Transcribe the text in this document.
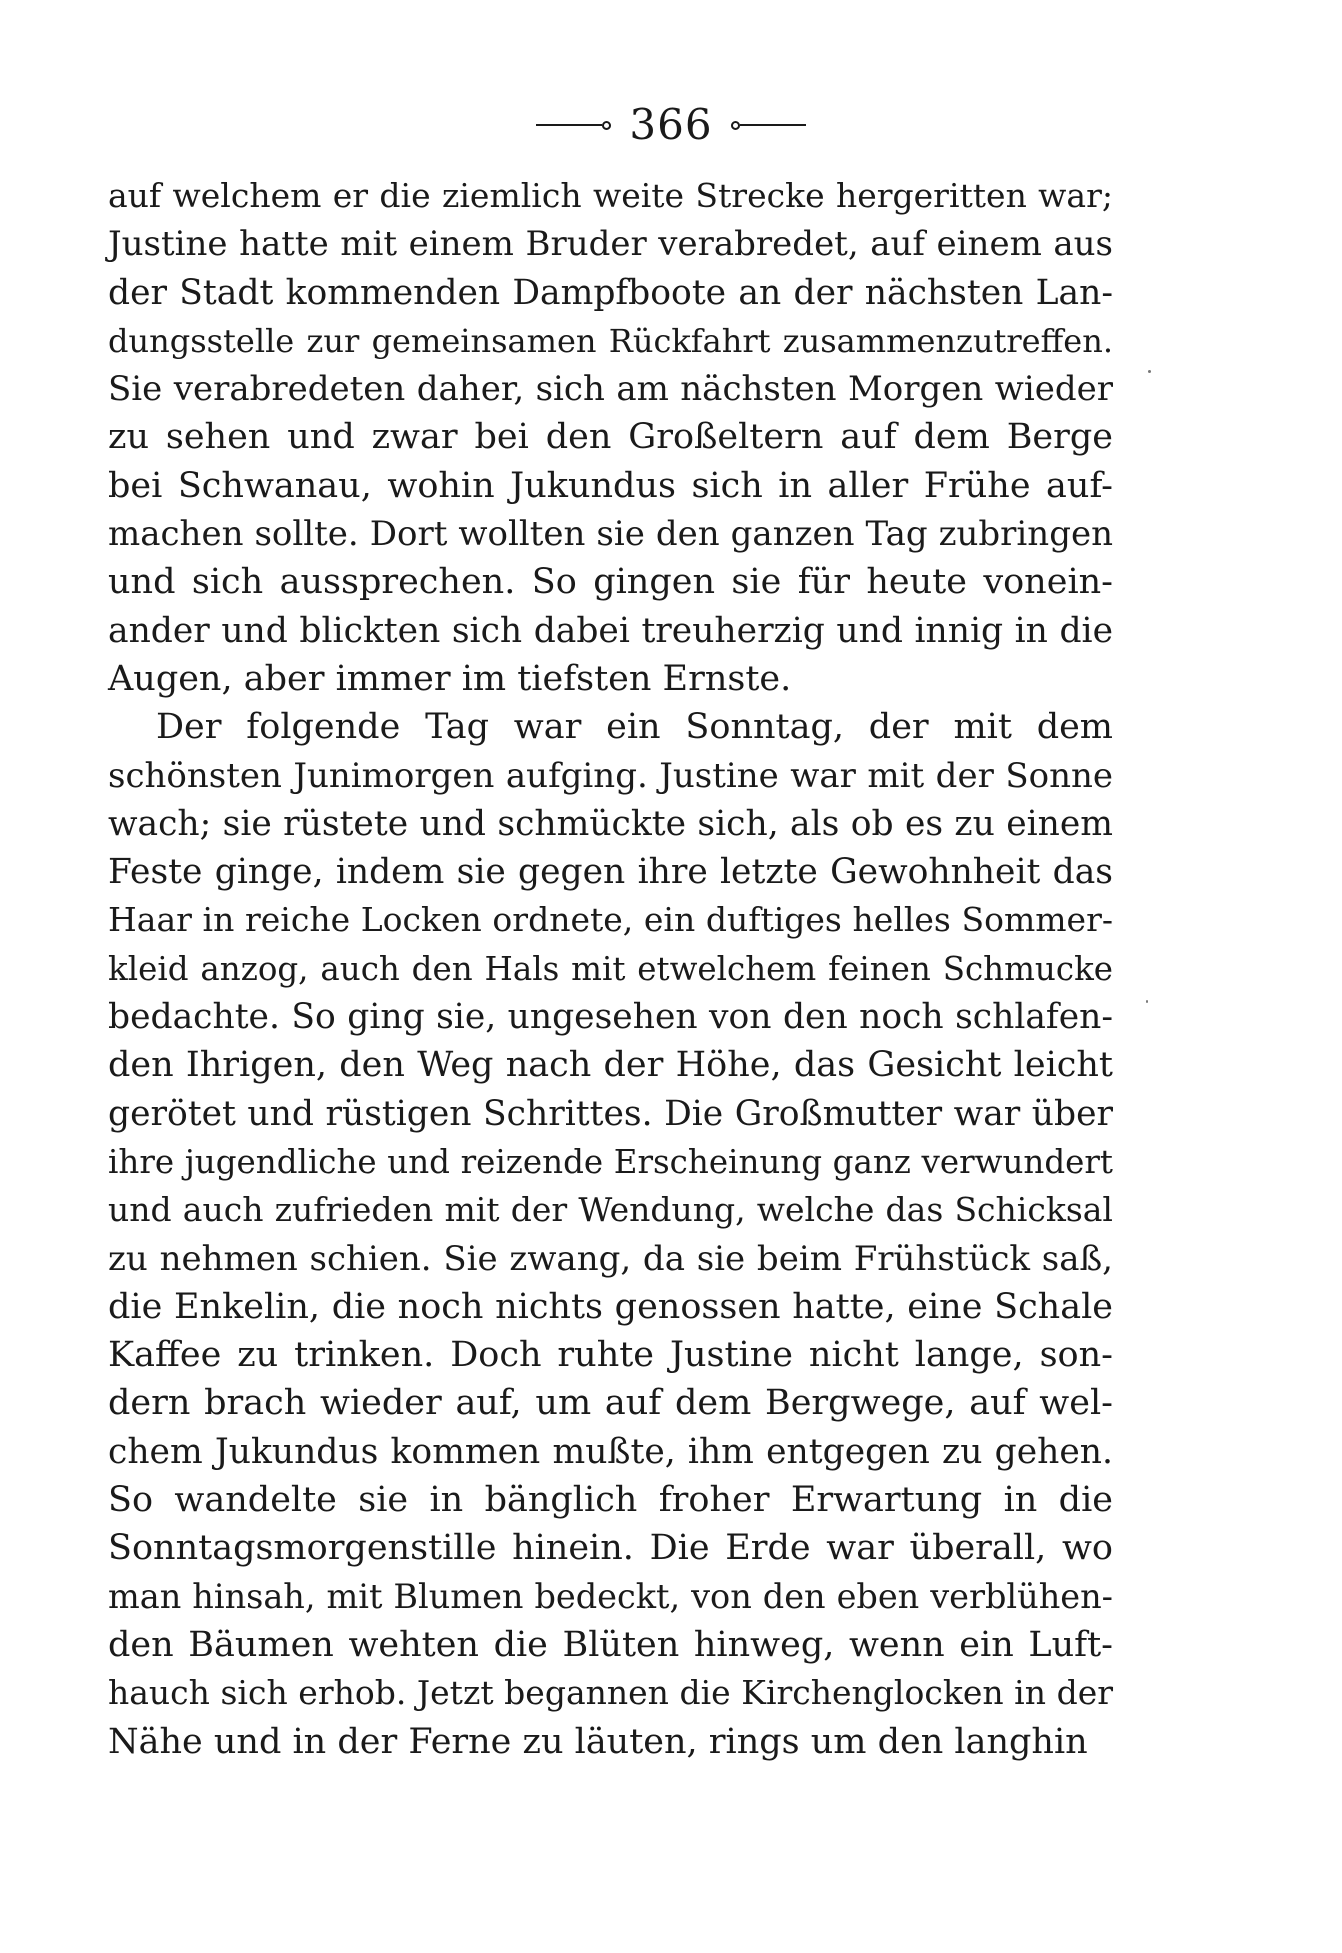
366
auf welchem er die ziemlich weite Strecke hergeritten war;
Justine hatte mit einem Bruder verabredet, auf einem aus
der Stadt kommenden Dampfboote an der nächsten Lan-
dungsstelle zur gemeinsamen Rückfahrt zusammenzutreffen.
Sie verabredeten daher, sich am nächsten Morgen wieder
zu sehen und zwar bei den Großeltern auf dem Berge
bei Schwanau, wohin Jukundus sich in aller Frühe auf-
machen sollte. Dort wollten sie den ganzen Tag zubringen
und sich aussprechen. So gingen sie für heute vonein-
ander und blickten sich dabei treuherzig und innig in die
Augen, aber immer im tiefsten Ernste.
Der folgende Tag war ein Sonntag, der mit dem
schönsten Junimorgen aufging. Justine war mit der Sonne
wach; sie rüstete und schmückte sich, als ob es zu einem
Feste ginge, indem sie gegen ihre letzte Gewohnheit das
Haar in reiche Locken ordnete, ein duftiges helles Sommer-
kleid anzog, auch den Hals mit etwelchem feinen Schmucke
bedachte. So ging sie, ungesehen von den noch schlafen-
den Ihrigen, den Weg nach der Höhe, das Gesicht leicht
gerötet und rüstigen Schrittes. Die Großmutter war über
ihre jugendliche und reizende Erscheinung ganz verwundert
und auch zufrieden mit der Wendung, welche das Schicksal
zu nehmen schien. Sie zwang, da sie beim Frühstück saß,
die Enkelin, die noch nichts genossen hatte, eine Schale
Kaffee zu trinken. Doch ruhte Justine nicht lange, son-
dern brach wieder auf, um auf dem Bergwege, auf wel-
chem Jukundus kommen mußte, ihm entgegen zu gehen.
So wandelte sie in bänglich froher Erwartung in die
Sonntagsmorgenstille hinein. Die Erde war überall, wo
man hinsah, mit Blumen bedeckt, von den eben verblühen-
den Bäumen wehten die Blüten hinweg, wenn ein Luft-
hauch sich erhob. Jetzt begannen die Kirchenglocken in der
Nähe und in der Ferne zu läuten, rings um den langhin
